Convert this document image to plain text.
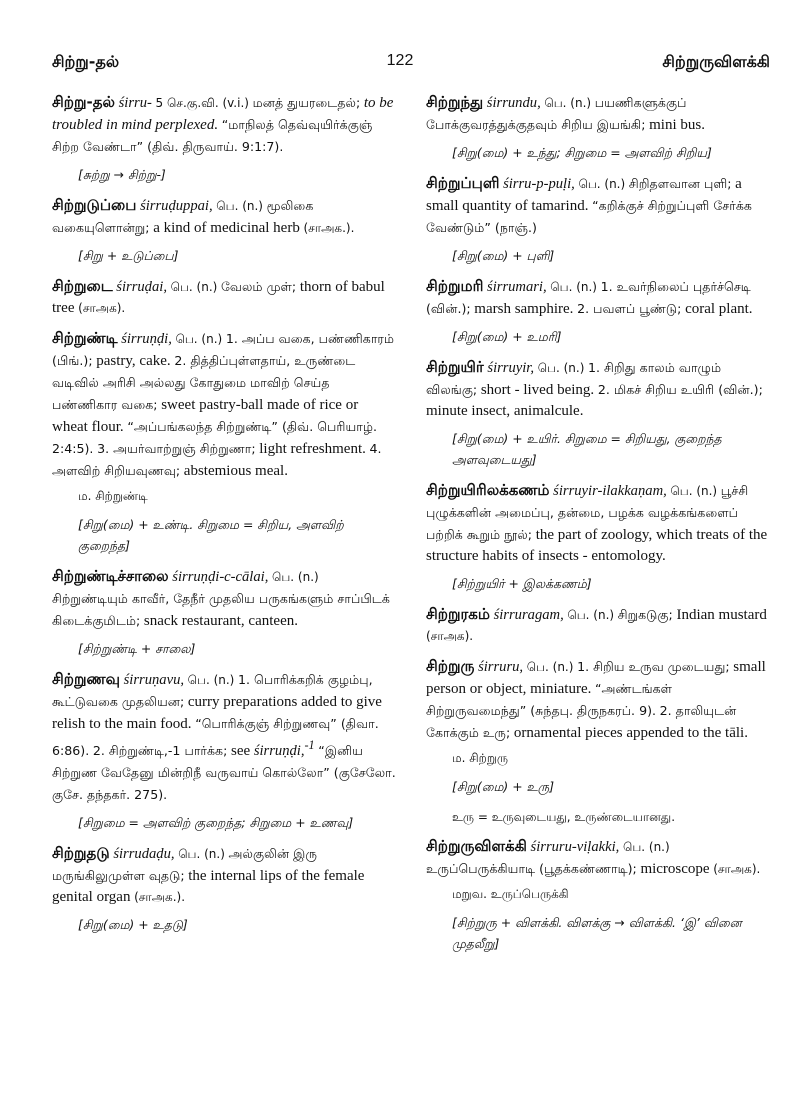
சிற்று-தல்	122	சிற்றுருவிளக்கி

சிற்று-தல் śirru- 5 செ.கு.வி. (v.i.) மனத் துயரடைதல்; to be troubled in mind perplexed. “மாநிலத் தெவ்வுயிர்க்குஞ் சிற்ற வேண்டா” (திவ். திருவாய். 9:1:7).

[சுற்று → சிற்று-]

சிற்றுடுப்பை śirruḍuppai, பெ. (n.) மூலிகை வகையுளொன்று; a kind of medicinal herb (சாஅக.).

[சிறு + உடுப்பை]

சிற்றுடை śirruḍai, பெ. (n.) வேலம் முள்; thorn of babul tree (சாஅக).

சிற்றுண்டி śirruṇḍi, பெ. (n.) 1. அப்ப வகை, பண்ணிகாரம் (பிங்.); pastry, cake. 2. தித்திப்புள்ளதாய், உருண்டை வடிவில் அரிசி அல்லது கோதுமை மாவிற் செய்த பண்ணிகார வகை; sweet pastry-ball made of rice or wheat flour. “அப்பங்கலந்த சிற்றுண்டி” (திவ். பெரியாழ். 2:4:5). 3. அயர்வாற்றுஞ் சிற்றுணா; light refreshment. 4. அளவிற் சிறியவுணவு; abstemious meal.

ம. சிற்றுண்டி
[சிறு(மை) + உண்டி. சிறுமை = சிறிய, அளவிற் குறைந்த]

சிற்றுண்டிச்சாலை śirruṇḍi-c-cālai, பெ. (n.) சிற்றுண்டியும் காவீர், தேநீர் முதலிய பருகங்களும் சாப்பிடக் கிடைக்குமிடம்; snack restaurant, canteen.

[சிற்றுண்டி + சாலை]

சிற்றுணவு śirruṇavu, பெ. (n.) 1. பொரிக்கறிக் குழம்பு, கூட்டுவகை முதலியன; curry preparations added to give relish to the main food. “பொரிக்குஞ் சிற்றுணவு” (திவா. 6:86). 2. சிற்றுண்டி,-1 பார்க்க; see śirruṇḍi,$^{-1}$ “இனிய சிற்றுண வேதேனு மின்றிநீ வருவாய் கொல்லோ” (குசேலோ. குசே. தந்தகர். 275).

[சிறுமை = அளவிற் குறைந்த; சிறுமை + உணவு]

சிற்றுதடு śirrudaḍu, பெ. (n.) அல்குலின் இரு மருங்கிலுமுள்ள வுதடு; the internal lips of the female genital organ (சாஅக.).

[சிறு(மை) + உதடு]

சிற்றுந்து śirrundu, பெ. (n.) பயணிகளுக்குப் போக்குவரத்துக்குதவும் சிறிய இயங்கி; mini bus.

[சிறு(மை) + உந்து; சிறுமை = அளவிற் சிறிய]

சிற்றுப்புளி śirru-p-puḷi, பெ. (n.) சிறிதளவான புளி; a small quantity of tamarind. “கறிக்குச் சிற்றுப்புளி சேர்க்க வேண்டும்” (நாஞ்.)

[சிறு(மை) + புளி]

சிற்றுமரி śirrumari, பெ. (n.) 1. உவர்நிலைப் புதர்ச்செடி (வின்.); marsh samphire. 2. பவளப் பூண்டு; coral plant.

[சிறு(மை) + உமரி]

சிற்றுயிர் śirruyir, பெ. (n.) 1. சிறிது காலம் வாழும் விலங்கு; short - lived being. 2. மிகச் சிறிய உயிரி (வின்.); minute insect, animalcule.

[சிறு(மை) + உயிர். சிறுமை = சிறியது, குறைந்த அளவுடையது]

சிற்றுயிரிலக்கணம் śirruyir-ilakkaṇam, பெ. (n.) பூச்சி புழுக்களின் அமைப்பு, தன்மை, பழக்க வழக்கங்களைப் பற்றிக் கூறும் நூல்; the part of zoology, which treats of the structure habits of insects - entomology.

[சிற்றுயிர் + இலக்கணம்]

சிற்றுரகம் śirruragam, பெ. (n.) சிறுகடுகு; Indian mustard (சாஅக).

சிற்றுரு śirruru, பெ. (n.) 1. சிறிய உருவ முடையது; small person or object, miniature. “அண்டங்கள் சிற்றுருவமைந்து” (சுந்தபு. திருநகரப். 9). 2. தாலியுடன் கோக்கும் உரு; ornamental pieces appended to the tāli.

ம. சிற்றுரு
[சிறு(மை) + உரு]
உரு = உருவுடையது, உருண்டையானது.

சிற்றுருவிளக்கி śirruru-viḷakki, பெ. (n.) உருப்பெருக்கியாடி (பூதக்கண்ணாடி); microscope (சாஅக).

மறுவ. உருப்பெருக்கி
[சிற்றுரு + விளக்கி. விளக்கு → விளக்கி. ‘இ’ வினை முதலீறு]
